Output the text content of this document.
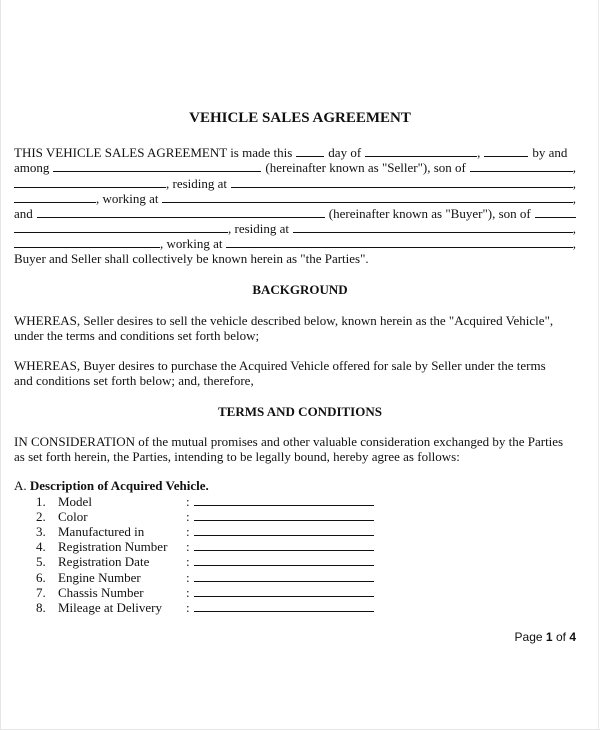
VEHICLE SALES AGREEMENT
THIS VEHICLE SALES AGREEMENT is made this	day of	,	by and
among	(hereinafter known as "Seller"), son of	,
, residing at	,
, working at	,
and	(hereinafter known as "Buyer"), son of
, residing at	,
, working at	,
Buyer and Seller shall collectively be known herein as "the Parties".
BACKGROUND
WHEREAS, Seller desires to sell the vehicle described below, known herein as the "Acquired Vehicle",
under the terms and conditions set forth below;
WHEREAS, Buyer desires to purchase the Acquired Vehicle offered for sale by Seller under the terms
and conditions set forth below; and, therefore,
TERMS AND CONDITIONS
IN CONSIDERATION of the mutual promises and other valuable consideration exchanged by the Parties
as set forth herein, the Parties, intending to be legally bound, hereby agree as follows:
A. Description of Acquired Vehicle.
1. Model	:
2. Color	:
3. Manufactured in	:
4. Registration Number :
5. Registration Date	:
6. Engine Number	:
7. Chassis Number	:
8. Mileage at Delivery :
Page 1 of 4
